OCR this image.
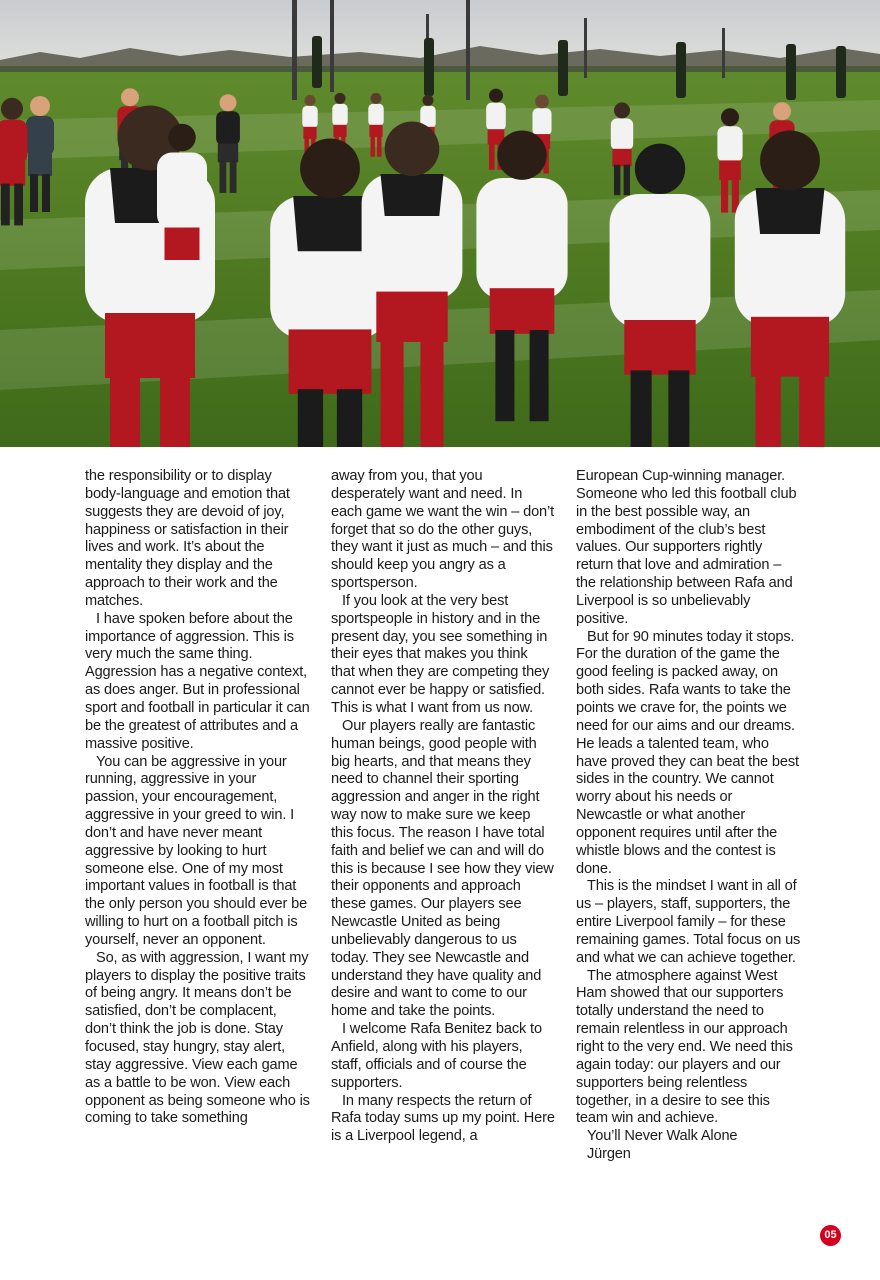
the responsibility or to display body-language and emotion that suggests they are devoid of joy, happiness or satisfaction in their lives and work. It’s about the mentality they display and the approach to their work and the matches.

I have spoken before about the importance of aggression. This is very much the same thing. Aggression has a negative context, as does anger. But in professional sport and football in particular it can be the greatest of attributes and a massive positive.

You can be aggressive in your running, aggressive in your passion, your encouragement, aggressive in your greed to win. I don’t and have never meant aggressive by looking to hurt someone else. One of my most important values in football is that the only person you should ever be willing to hurt on a football pitch is yourself, never an opponent.

So, as with aggression, I want my players to display the positive traits of being angry. It means don’t be satisfied, don’t be complacent, don’t think the job is done. Stay focused, stay hungry, stay alert, stay aggressive. View each game as a battle to be won. View each opponent as being someone who is coming to take something

away from you, that you desperately want and need. In each game we want the win – don’t forget that so do the other guys, they want it just as much – and this should keep you angry as a sportsperson.

If you look at the very best sportspeople in history and in the present day, you see something in their eyes that makes you think that when they are competing they cannot ever be happy or satisfied. This is what I want from us now.

Our players really are fantastic human beings, good people with big hearts, and that means they need to channel their sporting aggression and anger in the right way now to make sure we keep this focus. The reason I have total faith and belief we can and will do this is because I see how they view their opponents and approach these games. Our players see Newcastle United as being unbelievably dangerous to us today. They see Newcastle and understand they have quality and desire and want to come to our home and take the points.

I welcome Rafa Benitez back to Anfield, along with his players, staff, officials and of course the supporters.

In many respects the return of Rafa today sums up my point. Here is a Liverpool legend, a

European Cup-winning manager. Someone who led this football club in the best possible way, an embodiment of the club’s best values. Our supporters rightly return that love and admiration – the relationship between Rafa and Liverpool is so unbelievably positive.

But for 90 minutes today it stops. For the duration of the game the good feeling is packed away, on both sides. Rafa wants to take the points we crave for, the points we need for our aims and our dreams. He leads a talented team, who have proved they can beat the best sides in the country. We cannot worry about his needs or Newcastle or what another opponent requires until after the whistle blows and the contest is done.

This is the mindset I want in all of us – players, staff, supporters, the entire Liverpool family – for these remaining games. Total focus on us and what we can achieve together.

The atmosphere against West Ham showed that our supporters totally understand the need to remain relentless in our approach right to the very end. We need this again today: our players and our supporters being relentless together, in a desire to see this team win and achieve.

You’ll Never Walk Alone

Jürgen

05
